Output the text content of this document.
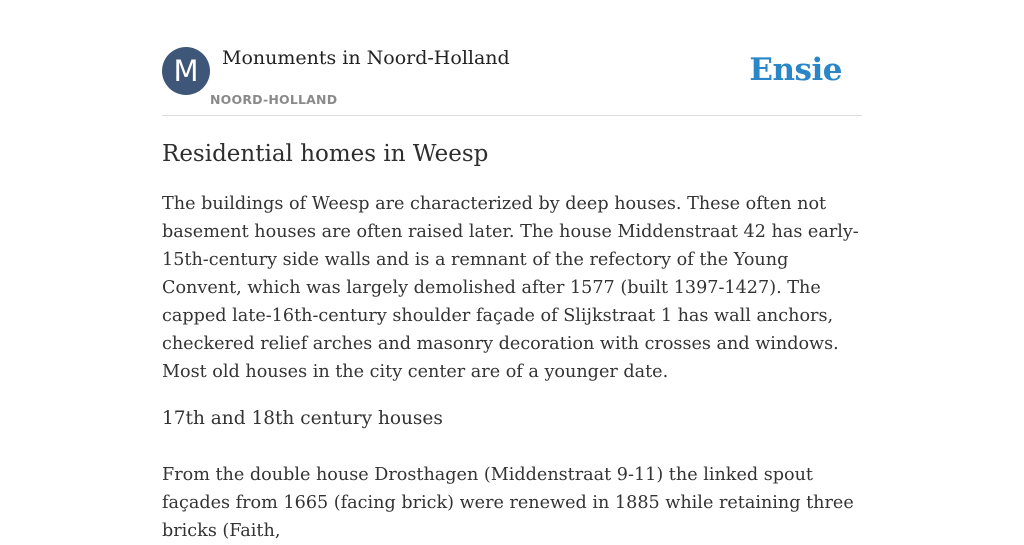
M	Monuments in Noord-Holland
NOORD-HOLLAND
Ensie
Residential homes in Weesp

The buildings of Weesp are characterized by deep houses. These often not basement houses are often raised later. The house Middenstraat 42 has early-15th-century side walls and is a remnant of the refectory of the Young Convent, which was largely demolished after 1577 (built 1397-1427). The capped late-16th-century shoulder façade of Slijkstraat 1 has wall anchors, checkered relief arches and masonry decoration with crosses and windows. Most old houses in the city center are of a younger date.

17th and 18th century houses

From the double house Drosthagen (Middenstraat 9-11) the linked spout façades from 1665 (facing brick) were renewed in 1885 while retaining three bricks (Faith,
